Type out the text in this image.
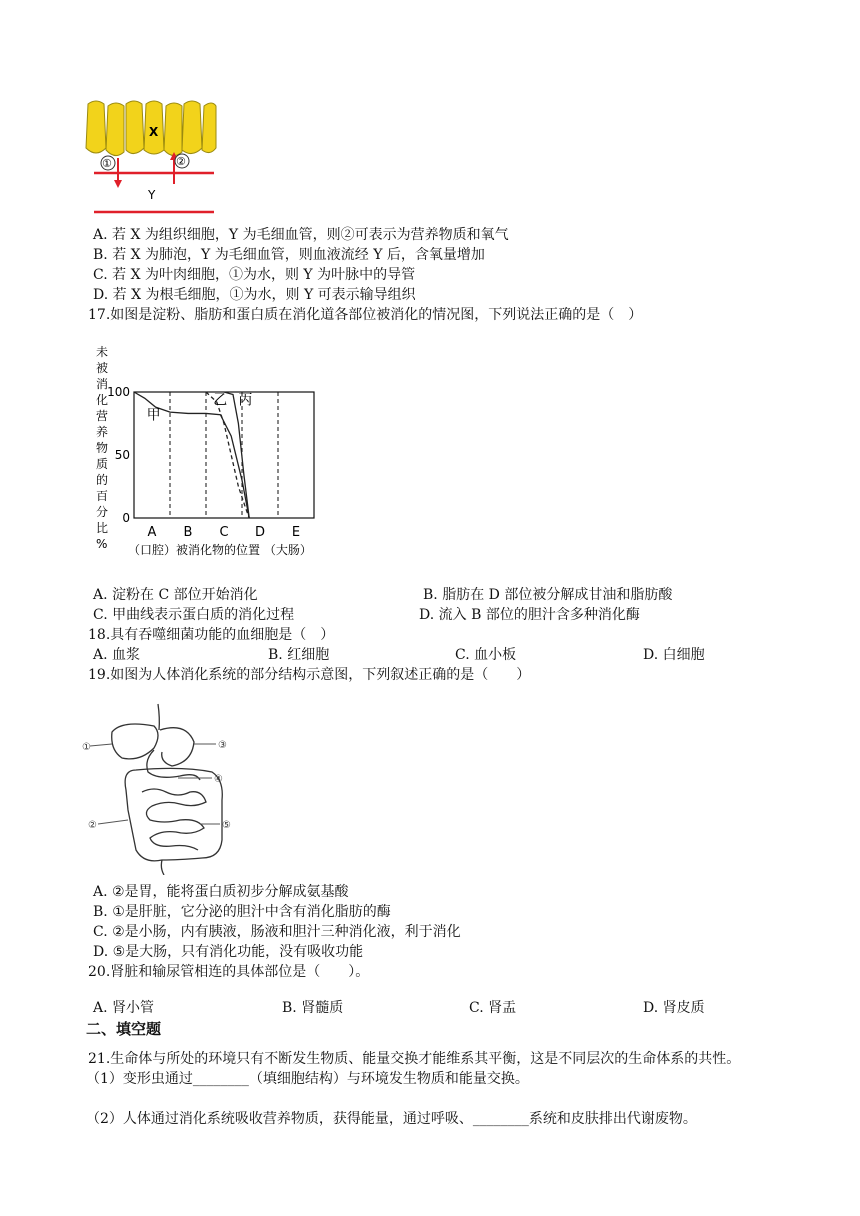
X
①	②
Y
A. 若 X 为组织细胞，Y 为毛细血管，则②可表示为营养物质和氧气
B. 若 X 为肺泡，Y 为毛细血管，则血液流经 Y 后，含氧量增加
C. 若 X 为叶肉细胞，①为水，则 Y 为叶脉中的导管
D. 若 X 为根毛细胞，①为水，则 Y 可表示输导组织
17.如图是淀粉、脂肪和蛋白质在消化道各部位被消化的情况图，下列说法正确的是（　）
未
被
消
化
营
养
物
质
的
百
分
比
%
100
50
0
甲
乙 丙
A B C D E
（口腔）被消化物的位置 （大肠）
A. 淀粉在 C 部位开始消化	B. 脂肪在 D 部位被分解成甘油和脂肪酸
C. 甲曲线表示蛋白质的消化过程	D. 流入 B 部位的胆汁含多种消化酶
18.具有吞噬细菌功能的血细胞是（　）
A. 血浆	B. 红细胞	C. 血小板	D. 白细胞
19.如图为人体消化系统的部分结构示意图，下列叙述正确的是（　　）
①	③
④
②	⑤
A. ②是胃，能将蛋白质初步分解成氨基酸
B. ①是肝脏，它分泌的胆汁中含有消化脂肪的酶
C. ②是小肠，内有胰液，肠液和胆汁三种消化液，利于消化
D. ⑤是大肠，只有消化功能，没有吸收功能
20.肾脏和输尿管相连的具体部位是（　　）。
A. 肾小管	B. 肾髓质	C. 肾盂	D. 肾皮质
二、填空题
21.生命体与所处的环境只有不断发生物质、能量交换才能维系其平衡，这是不同层次的生命体系的共性。
（1）变形虫通过________（填细胞结构）与环境发生物质和能量交换。
（2）人体通过消化系统吸收营养物质，获得能量，通过呼吸、________系统和皮肤排出代谢废物。
